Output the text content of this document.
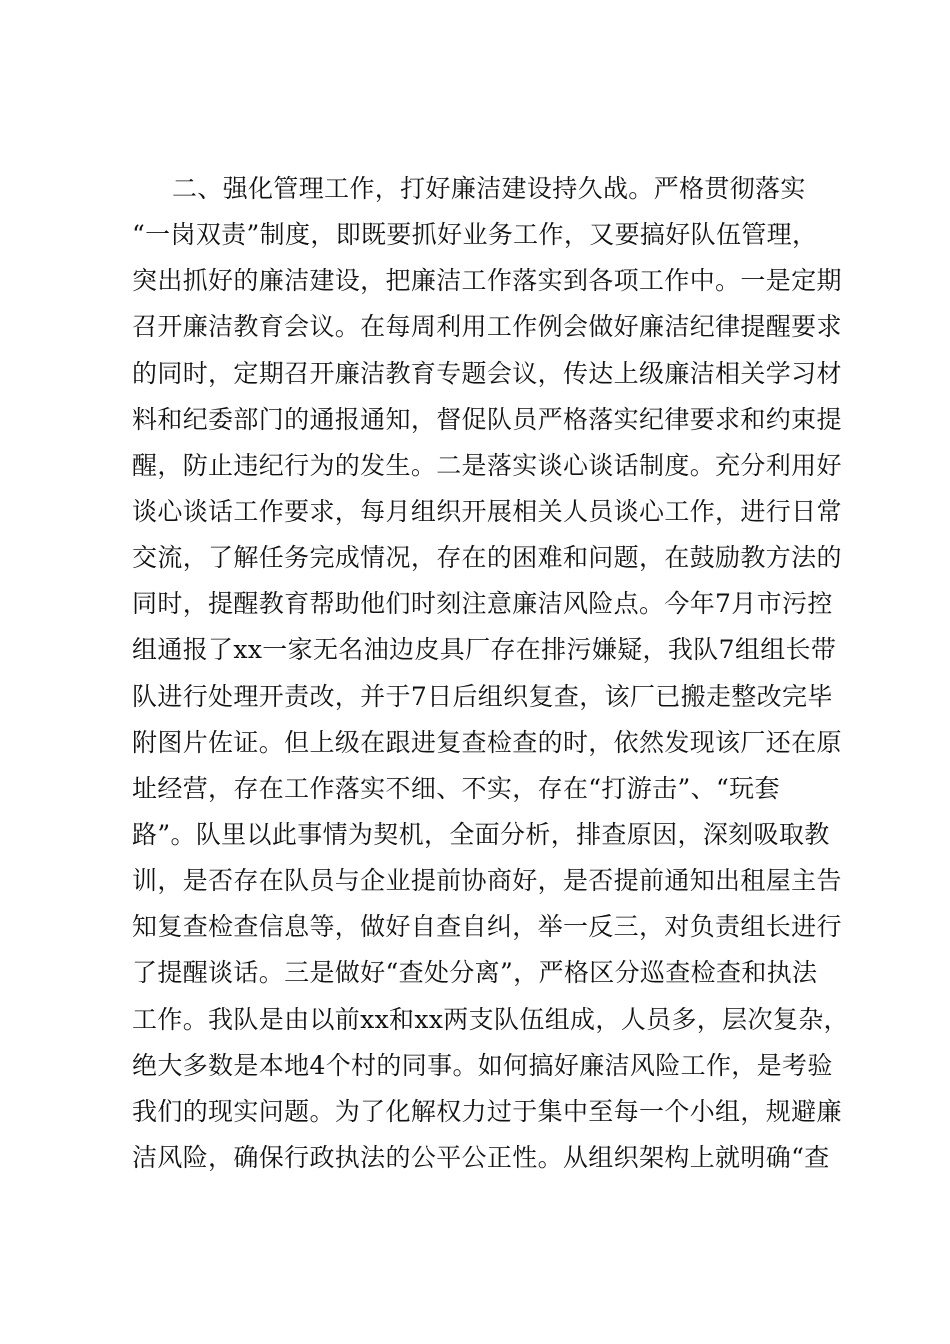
二、强化管理工作，打好廉洁建设持久战。严格贯彻落实
“一岗双责”制度，即既要抓好业务工作，又要搞好队伍管理，
突出抓好的廉洁建设，把廉洁工作落实到各项工作中。一是定期
召开廉洁教育会议。在每周利用工作例会做好廉洁纪律提醒要求
的同时，定期召开廉洁教育专题会议，传达上级廉洁相关学习材
料和纪委部门的通报通知，督促队员严格落实纪律要求和约束提
醒，防止违纪行为的发生。二是落实谈心谈话制度。充分利用好
谈心谈话工作要求，每月组织开展相关人员谈心工作，进行日常
交流，了解任务完成情况，存在的困难和问题，在鼓励教方法的
同时，提醒教育帮助他们时刻注意廉洁风险点。今年7月市污控
组通报了xx一家无名油边皮具厂存在排污嫌疑，我队7组组长带
队进行处理开责改，并于7日后组织复查，该厂已搬走整改完毕
附图片佐证。但上级在跟进复查检查的时，依然发现该厂还在原
址经营，存在工作落实不细、不实，存在“打游击”、“玩套
路”。队里以此事情为契机，全面分析，排查原因，深刻吸取教
训，是否存在队员与企业提前协商好，是否提前通知出租屋主告
知复查检查信息等，做好自查自纠，举一反三，对负责组长进行
了提醒谈话。三是做好“查处分离”，严格区分巡查检查和执法
工作。我队是由以前xx和xx两支队伍组成，人员多，层次复杂，
绝大多数是本地4个村的同事。如何搞好廉洁风险工作，是考验
我们的现实问题。为了化解权力过于集中至每一个小组，规避廉
洁风险，确保行政执法的公平公正性。从组织架构上就明确“查
